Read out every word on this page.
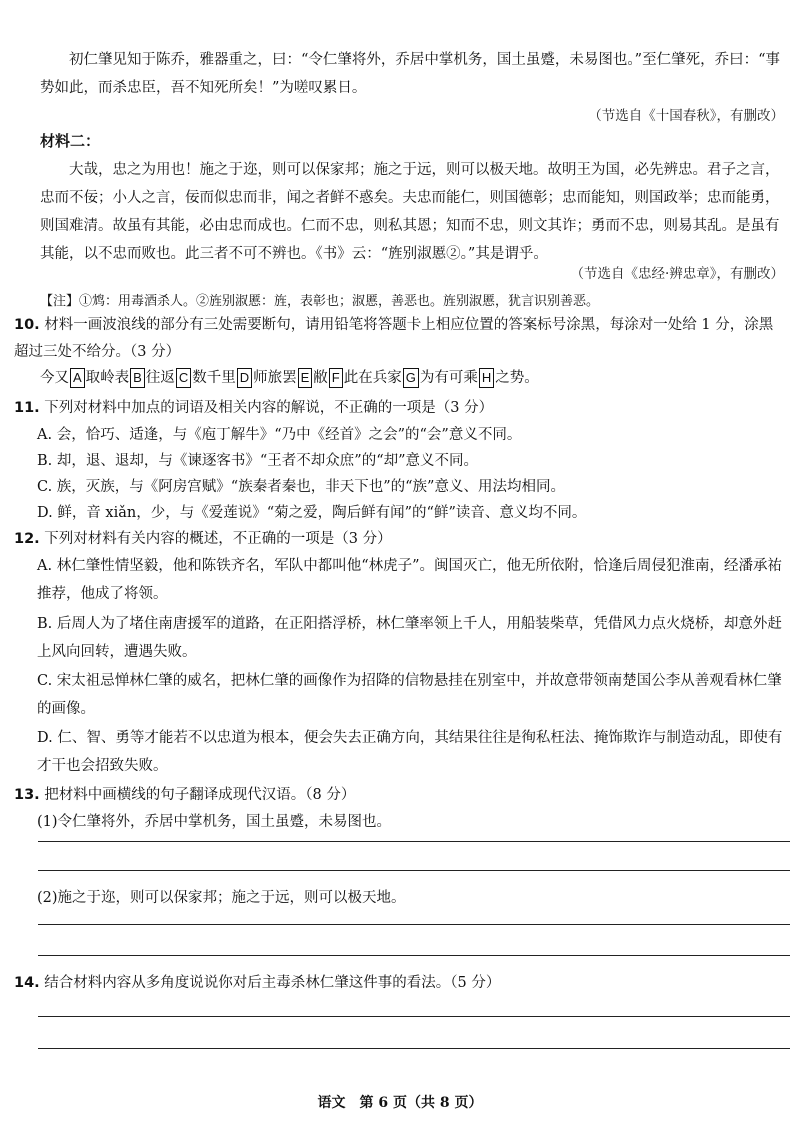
初仁肇见知于陈乔，雅器重之，曰：“令仁肇将外，乔居中掌机务，国土虽蹙，未易图也。”至仁肇死，乔曰：“事势如此，而杀忠臣，吾不知死所矣！”为嗟叹累日。

（节选自《十国春秋》，有删改）
材料二：

大哉，忠之为用也！施之于迩，则可以保家邦；施之于远，则可以极天地。故明王为国，必先辨忠。君子之言，忠而不佞；小人之言，佞而似忠而非，闻之者鲜不惑矣。夫忠而能仁，则国德彰；忠而能知，则国政举；忠而能勇，则国难清。故虽有其能，必由忠而成也。仁而不忠，则私其恩；知而不忠，则文其诈；勇而不忠，则易其乱。是虽有其能，以不忠而败也。此三者不可不辨也。《书》云：“旌别淑慝②。”其是谓乎。

（节选自《忠经·辨忠章》，有删改）
【注】①鸩：用毒酒杀人。②旌别淑慝：旌，表彰也；淑慝，善恶也。旌别淑慝，犹言识别善恶。
10. 材料一画波浪线的部分有三处需要断句，请用铅笔将答题卡上相应位置的答案标号涂黑，每涂对一处给 1 分，涂黑超过三处不给分。（3 分）
今又 A 取岭表 B 往返 C 数千里 D 师旅罢 E 敝 F 此在兵家 G 为有可乘 H 之势。
11. 下列对材料中加点的词语及相关内容的解说，不正确的一项是（3 分）
A. 会，恰巧、适逢，与《庖丁解牛》“乃中《经首》之会”的“会”意义不同。
B. 却，退、退却，与《谏逐客书》“王者不却众庶”的“却”意义不同。
C. 族，灭族，与《阿房宫赋》“族秦者秦也，非天下也”的“族”意义、用法均相同。
D. 鲜，音 xiǎn，少，与《爱莲说》“菊之爱，陶后鲜有闻”的“鲜”读音、意义均不同。
12. 下列对材料有关内容的概述，不正确的一项是（3 分）
A. 林仁肇性情坚毅，他和陈铁齐名，军队中都叫他“林虎子”。闽国灭亡，他无所依附，恰逢后周侵犯淮南，经潘承祐推荐，他成了将领。
B. 后周人为了堵住南唐援军的道路，在正阳搭浮桥，林仁肇率领上千人，用船装柴草，凭借风力点火烧桥，却意外赶上风向回转，遭遇失败。
C. 宋太祖忌惮林仁肇的威名，把林仁肇的画像作为招降的信物悬挂在别室中，并故意带领南楚国公李从善观看林仁肇的画像。
D. 仁、智、勇等才能若不以忠道为根本，便会失去正确方向，其结果往往是徇私枉法、掩饰欺诈与制造动乱，即使有才干也会招致失败。
13. 把材料中画横线的句子翻译成现代汉语。（8 分）
(1)令仁肇将外，乔居中掌机务，国土虽蹙，未易图也。
(2)施之于迩，则可以保家邦；施之于远，则可以极天地。
14. 结合材料内容从多角度说说你对后主毒杀林仁肇这件事的看法。（5 分）
语文　第 6 页（共 8 页）
